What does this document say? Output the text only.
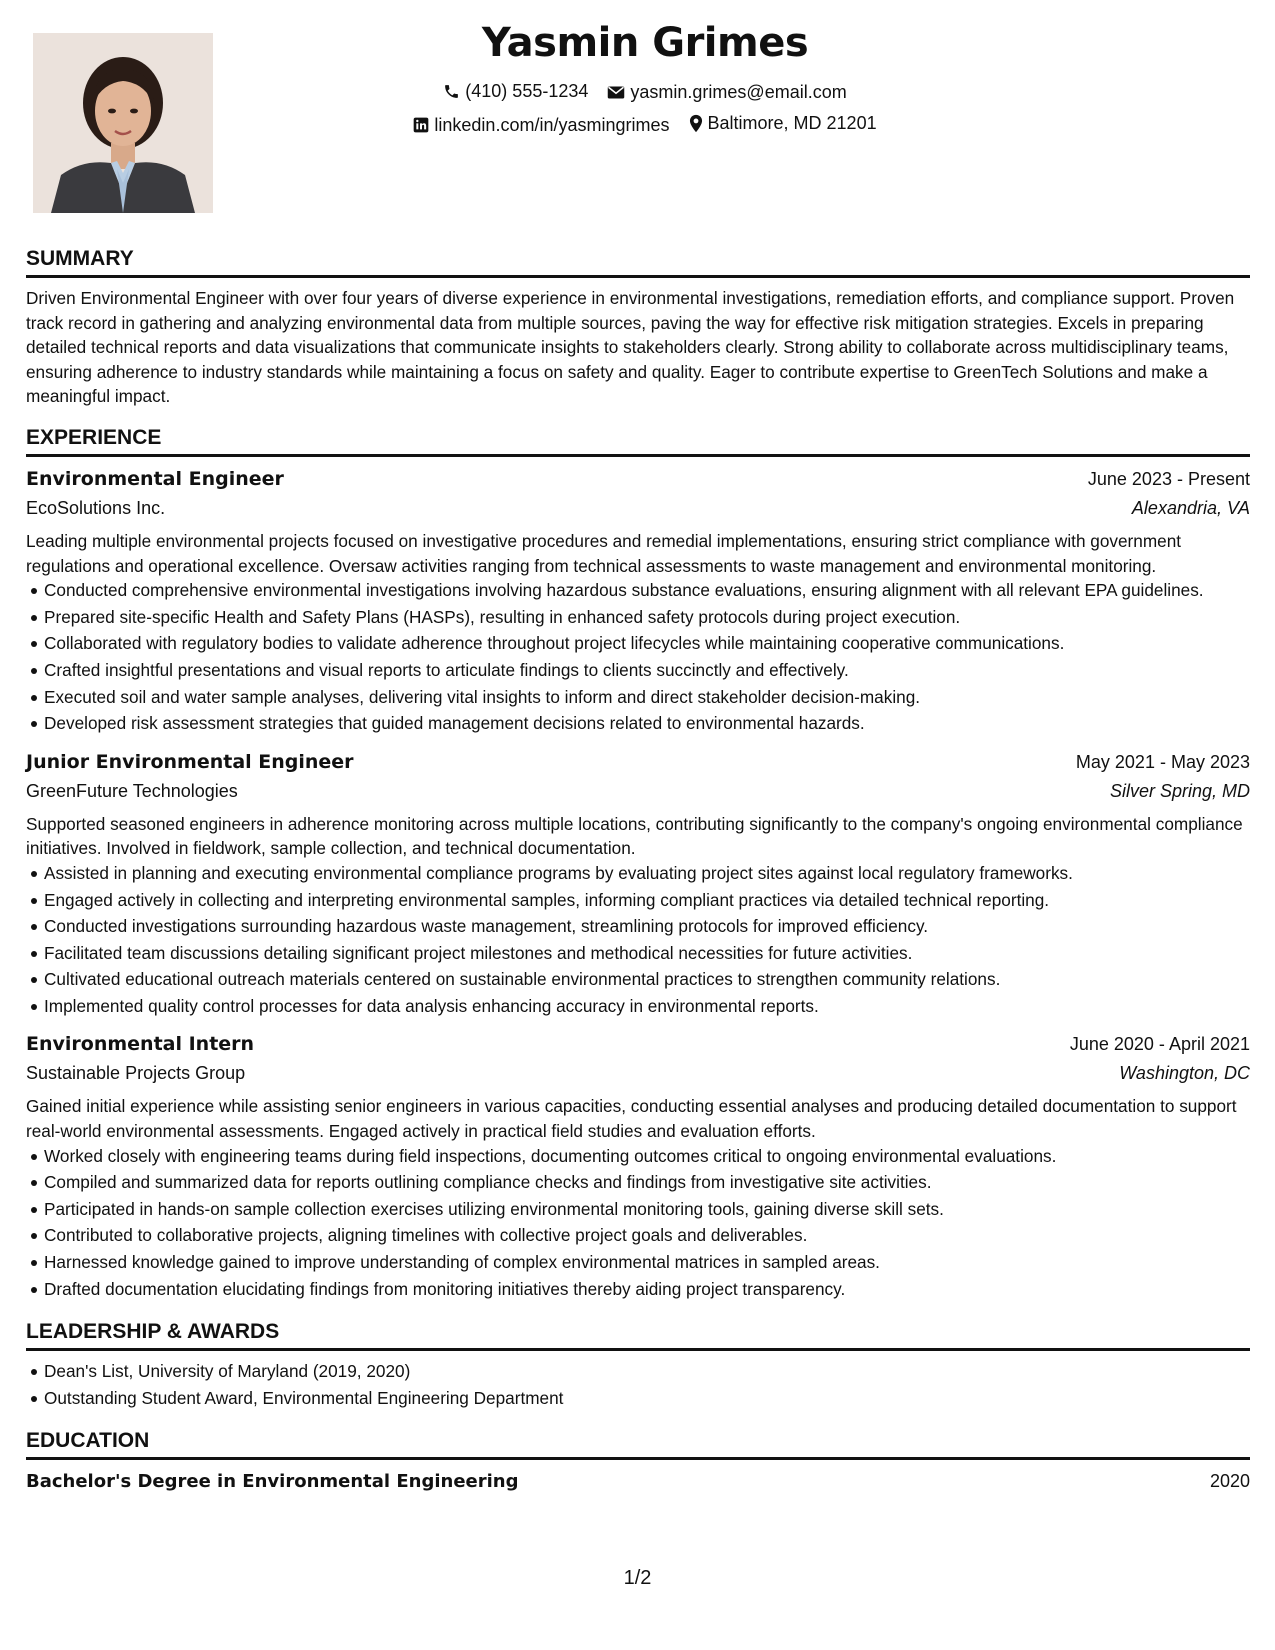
Yasmin Grimes
(410) 555-1234
yasmin.grimes@email.com
linkedin.com/in/yasmingrimes
Baltimore, MD 21201
SUMMARY

Driven Environmental Engineer with over four years of diverse experience in environmental investigations, remediation efforts, and compliance support. Proven track record in gathering and analyzing environmental data from multiple sources, paving the way for effective risk mitigation strategies. Excels in preparing detailed technical reports and data visualizations that communicate insights to stakeholders clearly. Strong ability to collaborate across multidisciplinary teams, ensuring adherence to industry standards while maintaining a focus on safety and quality. Eager to contribute expertise to GreenTech Solutions and make a meaningful impact.

EXPERIENCE
Environmental Engineer	June 2023 - Present
EcoSolutions Inc.	Alexandria, VA

Leading multiple environmental projects focused on investigative procedures and remedial implementations, ensuring strict compliance with government regulations and operational excellence. Oversaw activities ranging from technical assessments to waste management and environmental monitoring.

Conducted comprehensive environmental investigations involving hazardous substance evaluations, ensuring alignment with all relevant EPA guidelines.
Prepared site-specific Health and Safety Plans (HASPs), resulting in enhanced safety protocols during project execution.
Collaborated with regulatory bodies to validate adherence throughout project lifecycles while maintaining cooperative communications.
Crafted insightful presentations and visual reports to articulate findings to clients succinctly and effectively.
Executed soil and water sample analyses, delivering vital insights to inform and direct stakeholder decision-making.
Developed risk assessment strategies that guided management decisions related to environmental hazards.
Junior Environmental Engineer	May 2021 - May 2023
GreenFuture Technologies	Silver Spring, MD

Supported seasoned engineers in adherence monitoring across multiple locations, contributing significantly to the company's ongoing environmental compliance initiatives. Involved in fieldwork, sample collection, and technical documentation.

Assisted in planning and executing environmental compliance programs by evaluating project sites against local regulatory frameworks.
Engaged actively in collecting and interpreting environmental samples, informing compliant practices via detailed technical reporting.
Conducted investigations surrounding hazardous waste management, streamlining protocols for improved efficiency.
Facilitated team discussions detailing significant project milestones and methodical necessities for future activities.
Cultivated educational outreach materials centered on sustainable environmental practices to strengthen community relations.
Implemented quality control processes for data analysis enhancing accuracy in environmental reports.
Environmental Intern	June 2020 - April 2021
Sustainable Projects Group	Washington, DC

Gained initial experience while assisting senior engineers in various capacities, conducting essential analyses and producing detailed documentation to support real-world environmental assessments. Engaged actively in practical field studies and evaluation efforts.

Worked closely with engineering teams during field inspections, documenting outcomes critical to ongoing environmental evaluations.
Compiled and summarized data for reports outlining compliance checks and findings from investigative site activities.
Participated in hands-on sample collection exercises utilizing environmental monitoring tools, gaining diverse skill sets.
Contributed to collaborative projects, aligning timelines with collective project goals and deliverables.
Harnessed knowledge gained to improve understanding of complex environmental matrices in sampled areas.
Drafted documentation elucidating findings from monitoring initiatives thereby aiding project transparency.
LEADERSHIP & AWARDS
Dean's List, University of Maryland (2019, 2020)
Outstanding Student Award, Environmental Engineering Department
EDUCATION
Bachelor's Degree in Environmental Engineering	2020
1/2
